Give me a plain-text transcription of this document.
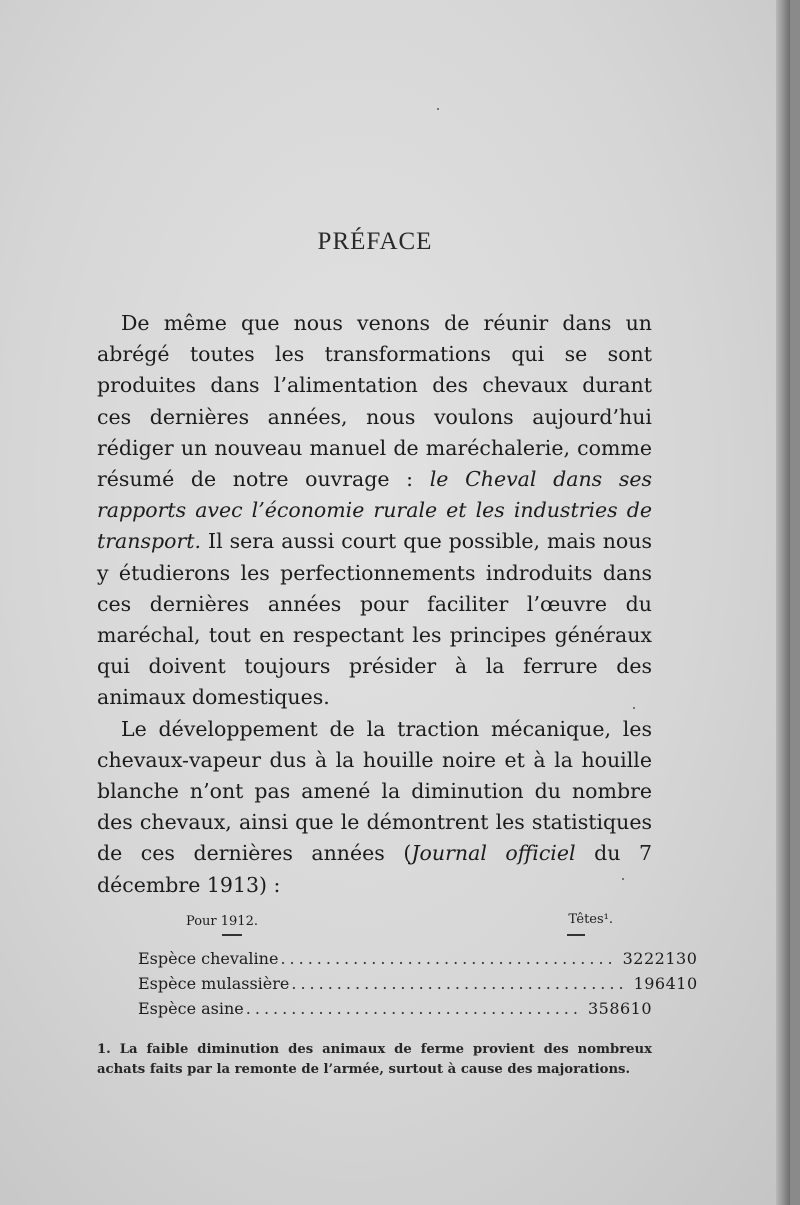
PRÉFACE

De même que nous venons de réunir dans un abrégé toutes les transformations qui se sont produites dans l’alimentation des chevaux durant ces dernières années, nous voulons aujourd’hui rédiger un nouveau manuel de maréchalerie, comme résumé de notre ouvrage : le Cheval dans ses rapports avec l’économie rurale et les industries de transport. Il sera aussi court que possible, mais nous y étudierons les perfectionnements indroduits dans ces dernières années pour faciliter l’œuvre du maréchal, tout en respectant les principes généraux qui doivent toujours présider à la ferrure des animaux domestiques.

Le développement de la traction mécanique, les chevaux-vapeur dus à la houille noire et à la houille blanche n’ont pas amené la diminution du nombre des chevaux, ainsi que le démontrent les statistiques de ces dernières années (Journal officiel du 7 décembre 1913) :

Pour 1912.	Têtes¹.
Espèce chevaline ..................................... 3222130
Espèce mulassière ..................................... 196410
Espèce asine ..................................... 358610
1. La faible diminution des animaux de ferme provient des nombreux achats faits par la remonte de l’armée, surtout à cause des majorations.
